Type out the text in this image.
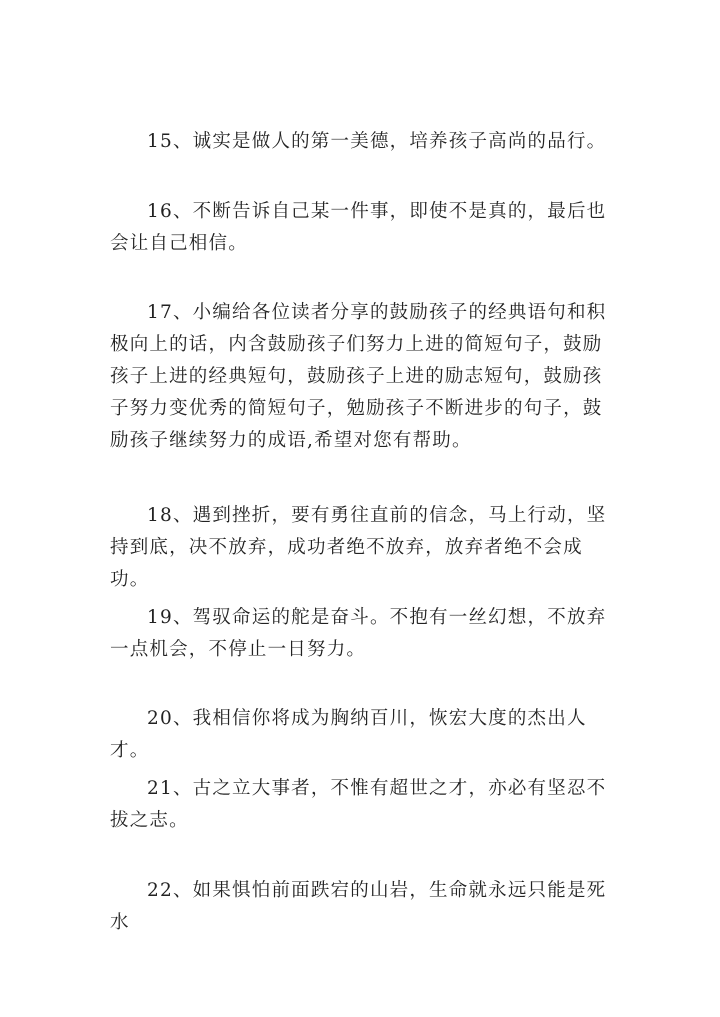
15、诚实是做人的第一美德，培养孩子高尚的品行。

16、不断告诉自己某一件事，即使不是真的，最后也会让自己相信。

17、小编给各位读者分享的鼓励孩子的经典语句和积极向上的话，内含鼓励孩子们努力上进的简短句子，鼓励孩子上进的经典短句，鼓励孩子上进的励志短句，鼓励孩子努力变优秀的简短句子，勉励孩子不断进步的句子，鼓励孩子继续努力的成语,希望对您有帮助。

18、遇到挫折，要有勇往直前的信念，马上行动，坚持到底，决不放弃，成功者绝不放弃，放弃者绝不会成功。

19、驾驭命运的舵是奋斗。不抱有一丝幻想，不放弃一点机会，不停止一日努力。

20、我相信你将成为胸纳百川，恢宏大度的杰出人才。

21、古之立大事者，不惟有超世之才，亦必有坚忍不拔之志。

22、如果惧怕前面跌宕的山岩，生命就永远只能是死水
